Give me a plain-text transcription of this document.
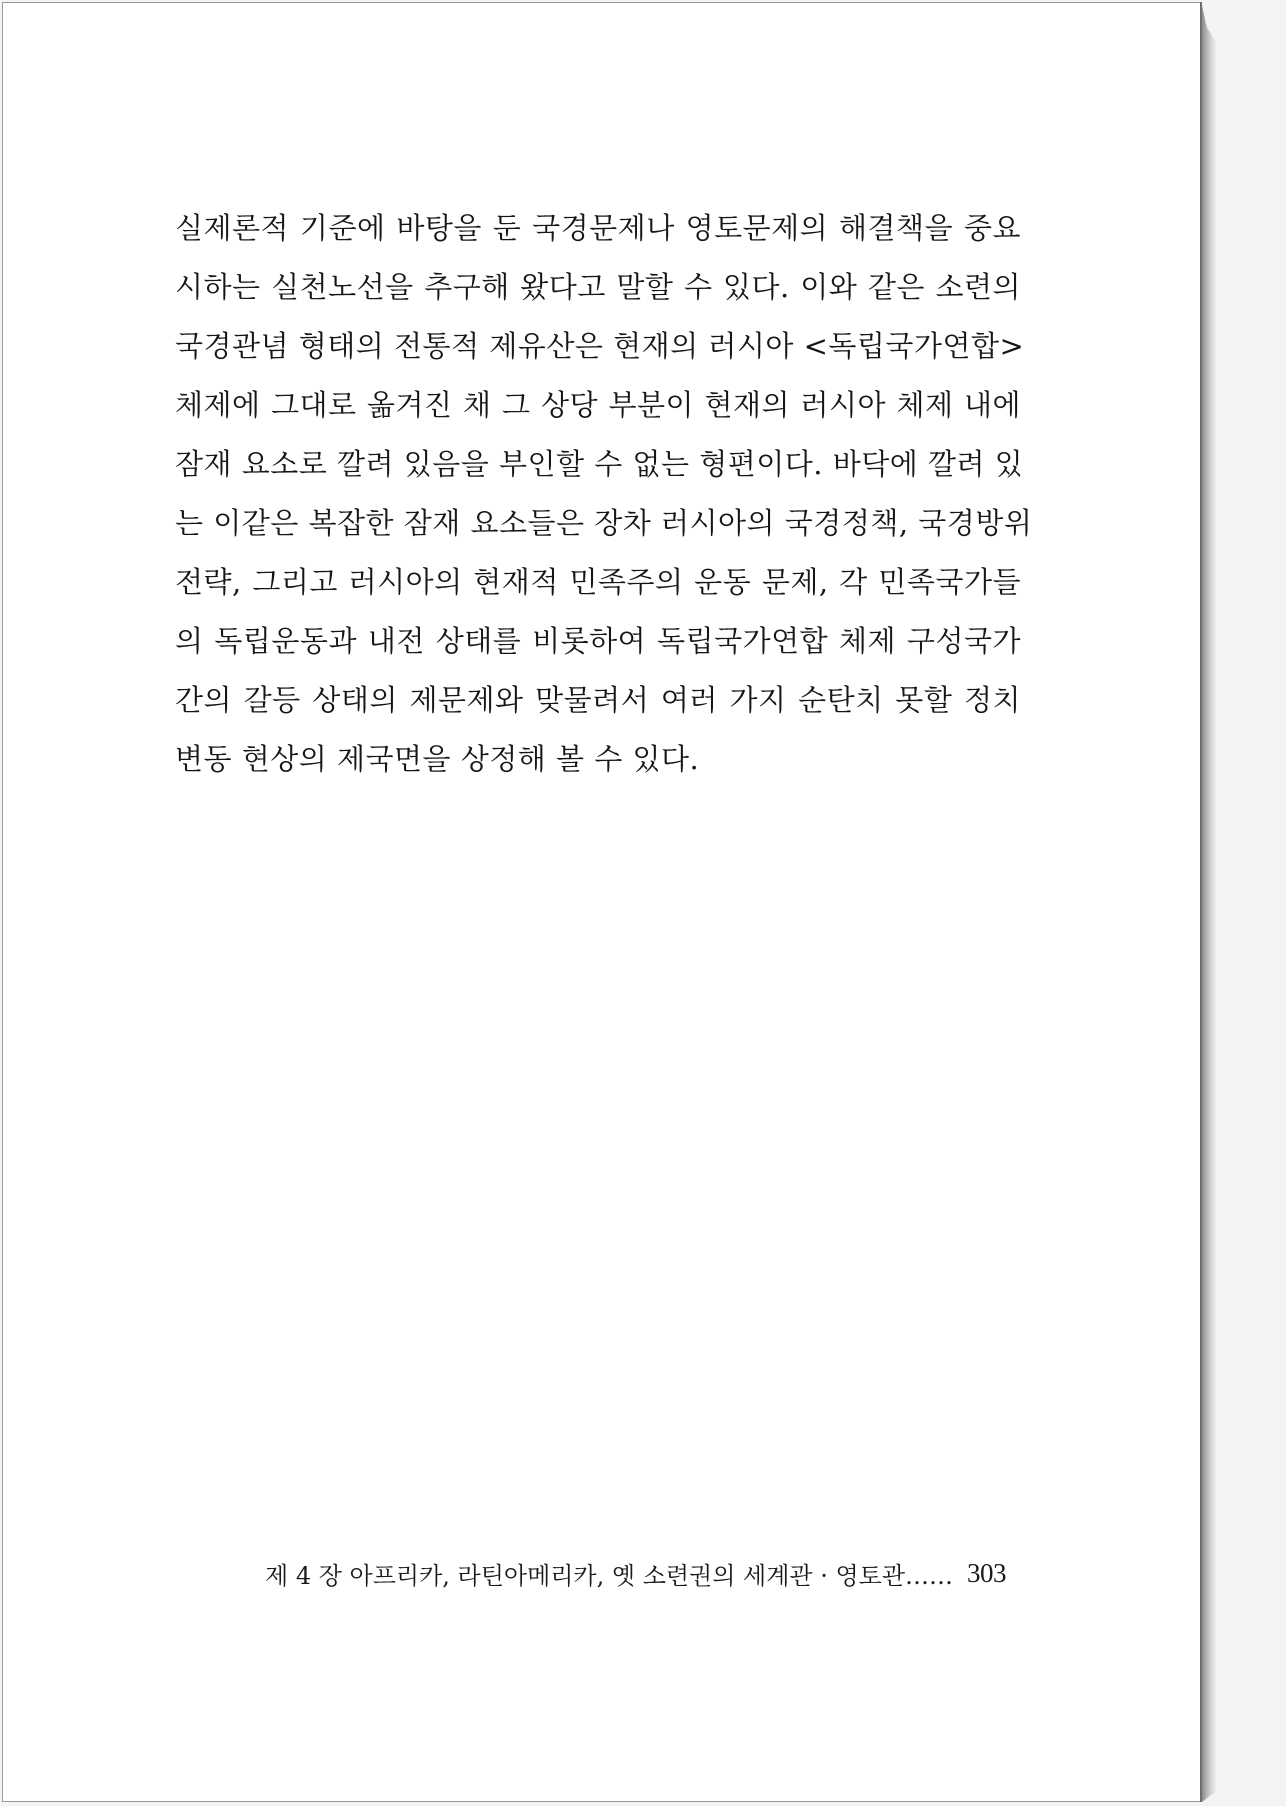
실제론적 기준에 바탕을 둔 국경문제나 영토문제의 해결책을 중요
시하는 실천노선을 추구해 왔다고 말할 수 있다. 이와 같은 소련의
국경관념 형태의 전통적 제유산은 현재의 러시아 <독립국가연합>
체제에 그대로 옮겨진 채 그 상당 부분이 현재의 러시아 체제 내에
잠재 요소로 깔려 있음을 부인할 수 없는 형편이다. 바닥에 깔려 있
는 이같은 복잡한 잠재 요소들은 장차 러시아의 국경정책, 국경방위
전략, 그리고 러시아의 현재적 민족주의 운동 문제, 각 민족국가들
의 독립운동과 내전 상태를 비롯하여 독립국가연합 체제 구성국가
간의 갈등 상태의 제문제와 맞물려서 여러 가지 순탄치 못할 정치
변동 현상의 제국면을 상정해 볼 수 있다.
제 4 장 아프리카, 라틴아메리카, 옛 소련권의 세계관 · 영토관…… 303
